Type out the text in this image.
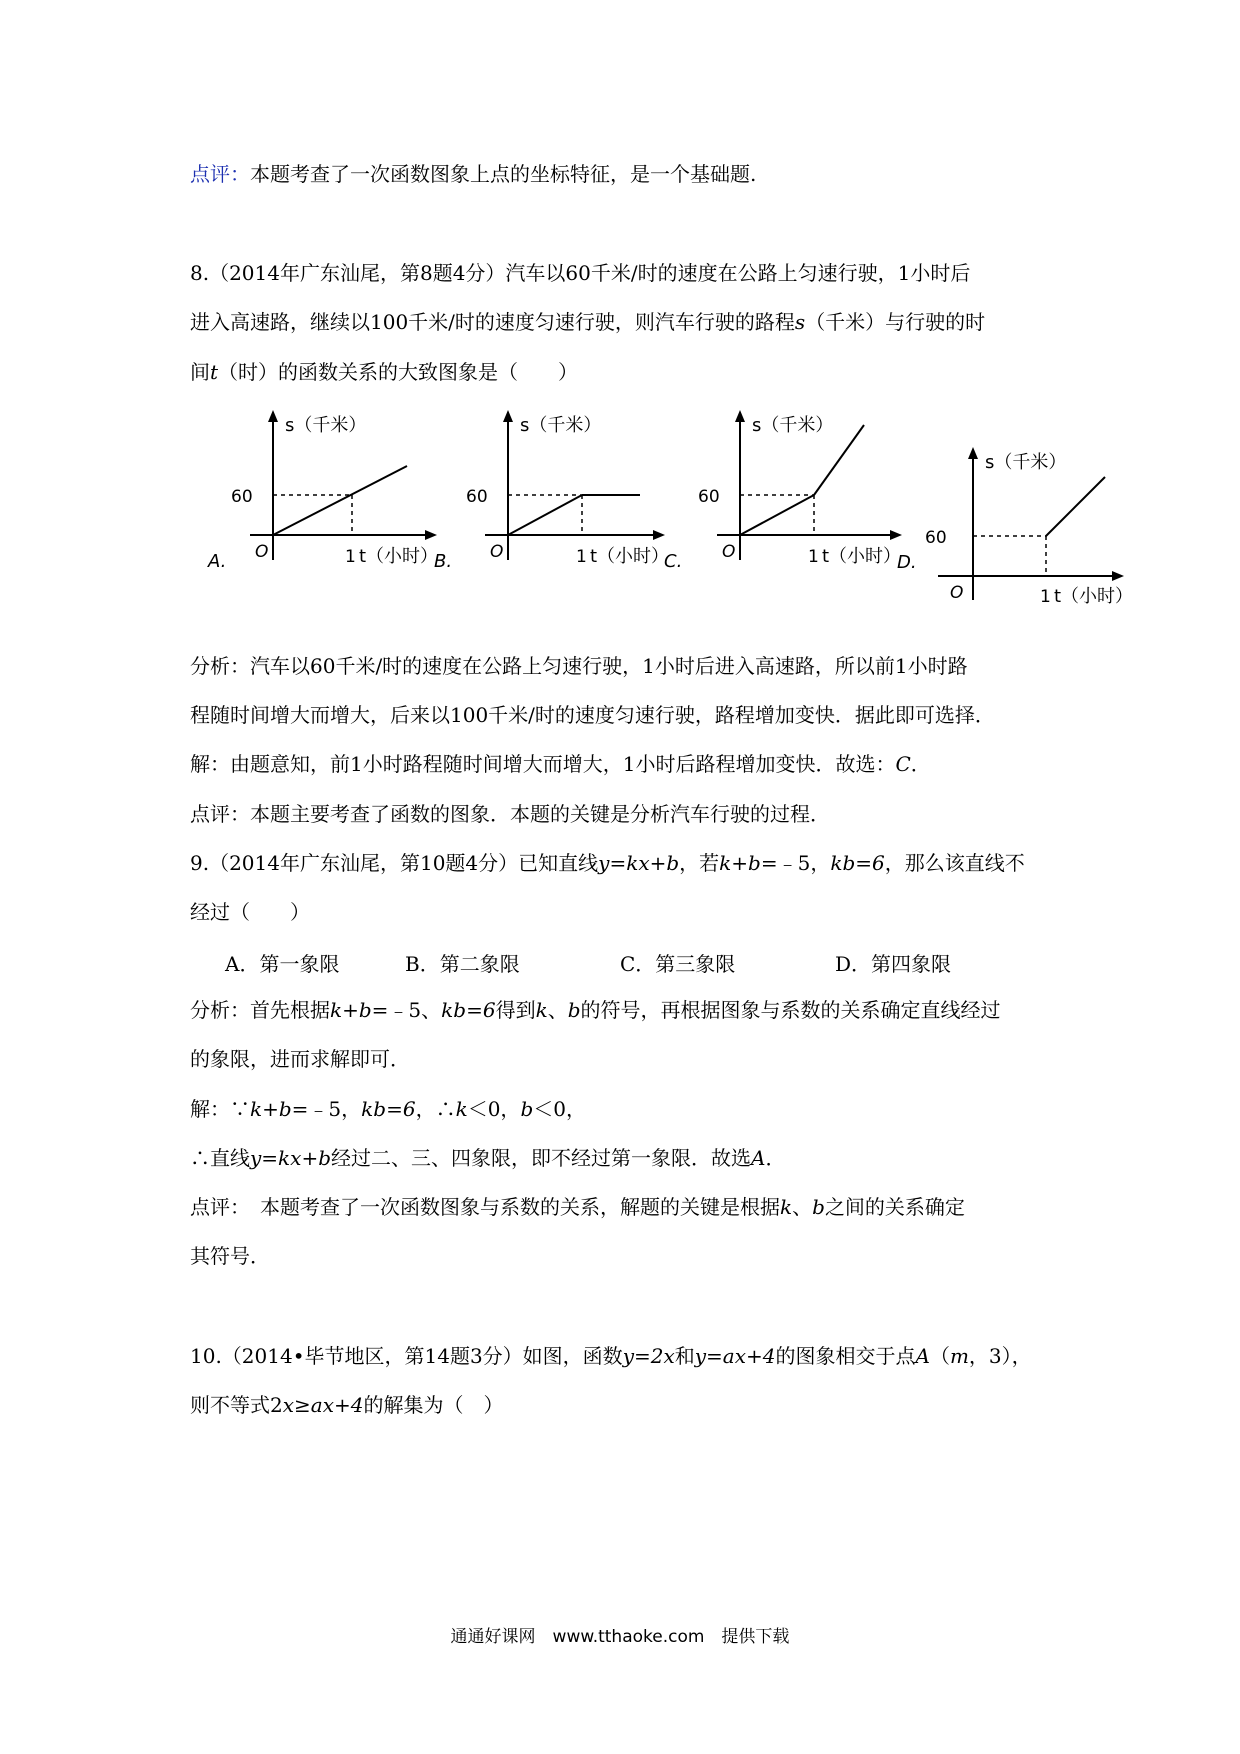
点评：本题考查了一次函数图象上点的坐标特征，是一个基础题.
8.（2014年广东汕尾，第8题4分）汽车以60千米/时的速度在公路上匀速行驶，1小时后
进入高速路，继续以100千米/时的速度匀速行驶，则汽车行驶的路程s（千米）与行驶的时
间t（时）的函数关系的大致图象是（　　）
s（千米）
60
O	1 t（小时）
A.
s（千米）
60
O	1 t（小时）
B.
s（千米）
60
O	1 t（小时）
C.
s（千米）
60
O	1 t（小时）
D.
分析：汽车以60千米/时的速度在公路上匀速行驶，1小时后进入高速路，所以前1小时路
程随时间增大而增大，后来以100千米/时的速度匀速行驶，路程增加变快．据此即可选择．
解：由题意知，前1小时路程随时间增大而增大，1小时后路程增加变快．故选：C．
点评：本题主要考查了函数的图象．本题的关键是分析汽车行驶的过程．
9.（2014年广东汕尾，第10题4分）已知直线y=kx+b，若k+b=﹣5，kb=6，那么该直线不
经过（　　）
A．第一象限	B．第二象限	C．第三象限	D．第四象限
分析：首先根据k+b=﹣5、kb=6得到k、b的符号，再根据图象与系数的关系确定直线经过
的象限，进而求解即可．
解：∵k+b=﹣5，kb=6，∴k＜0，b＜0，
∴直线y=kx+b经过二、三、四象限，即不经过第一象限．故选A．
点评：　本题考查了一次函数图象与系数的关系，解题的关键是根据k、b之间的关系确定
其符号．
10.（2014•毕节地区，第14题3分）如图，函数y=2x和y=ax+4的图象相交于点A（m，3），
则不等式2x≥ax+4的解集为（　）
通通好课网　www.tthaoke.com　提供下载
